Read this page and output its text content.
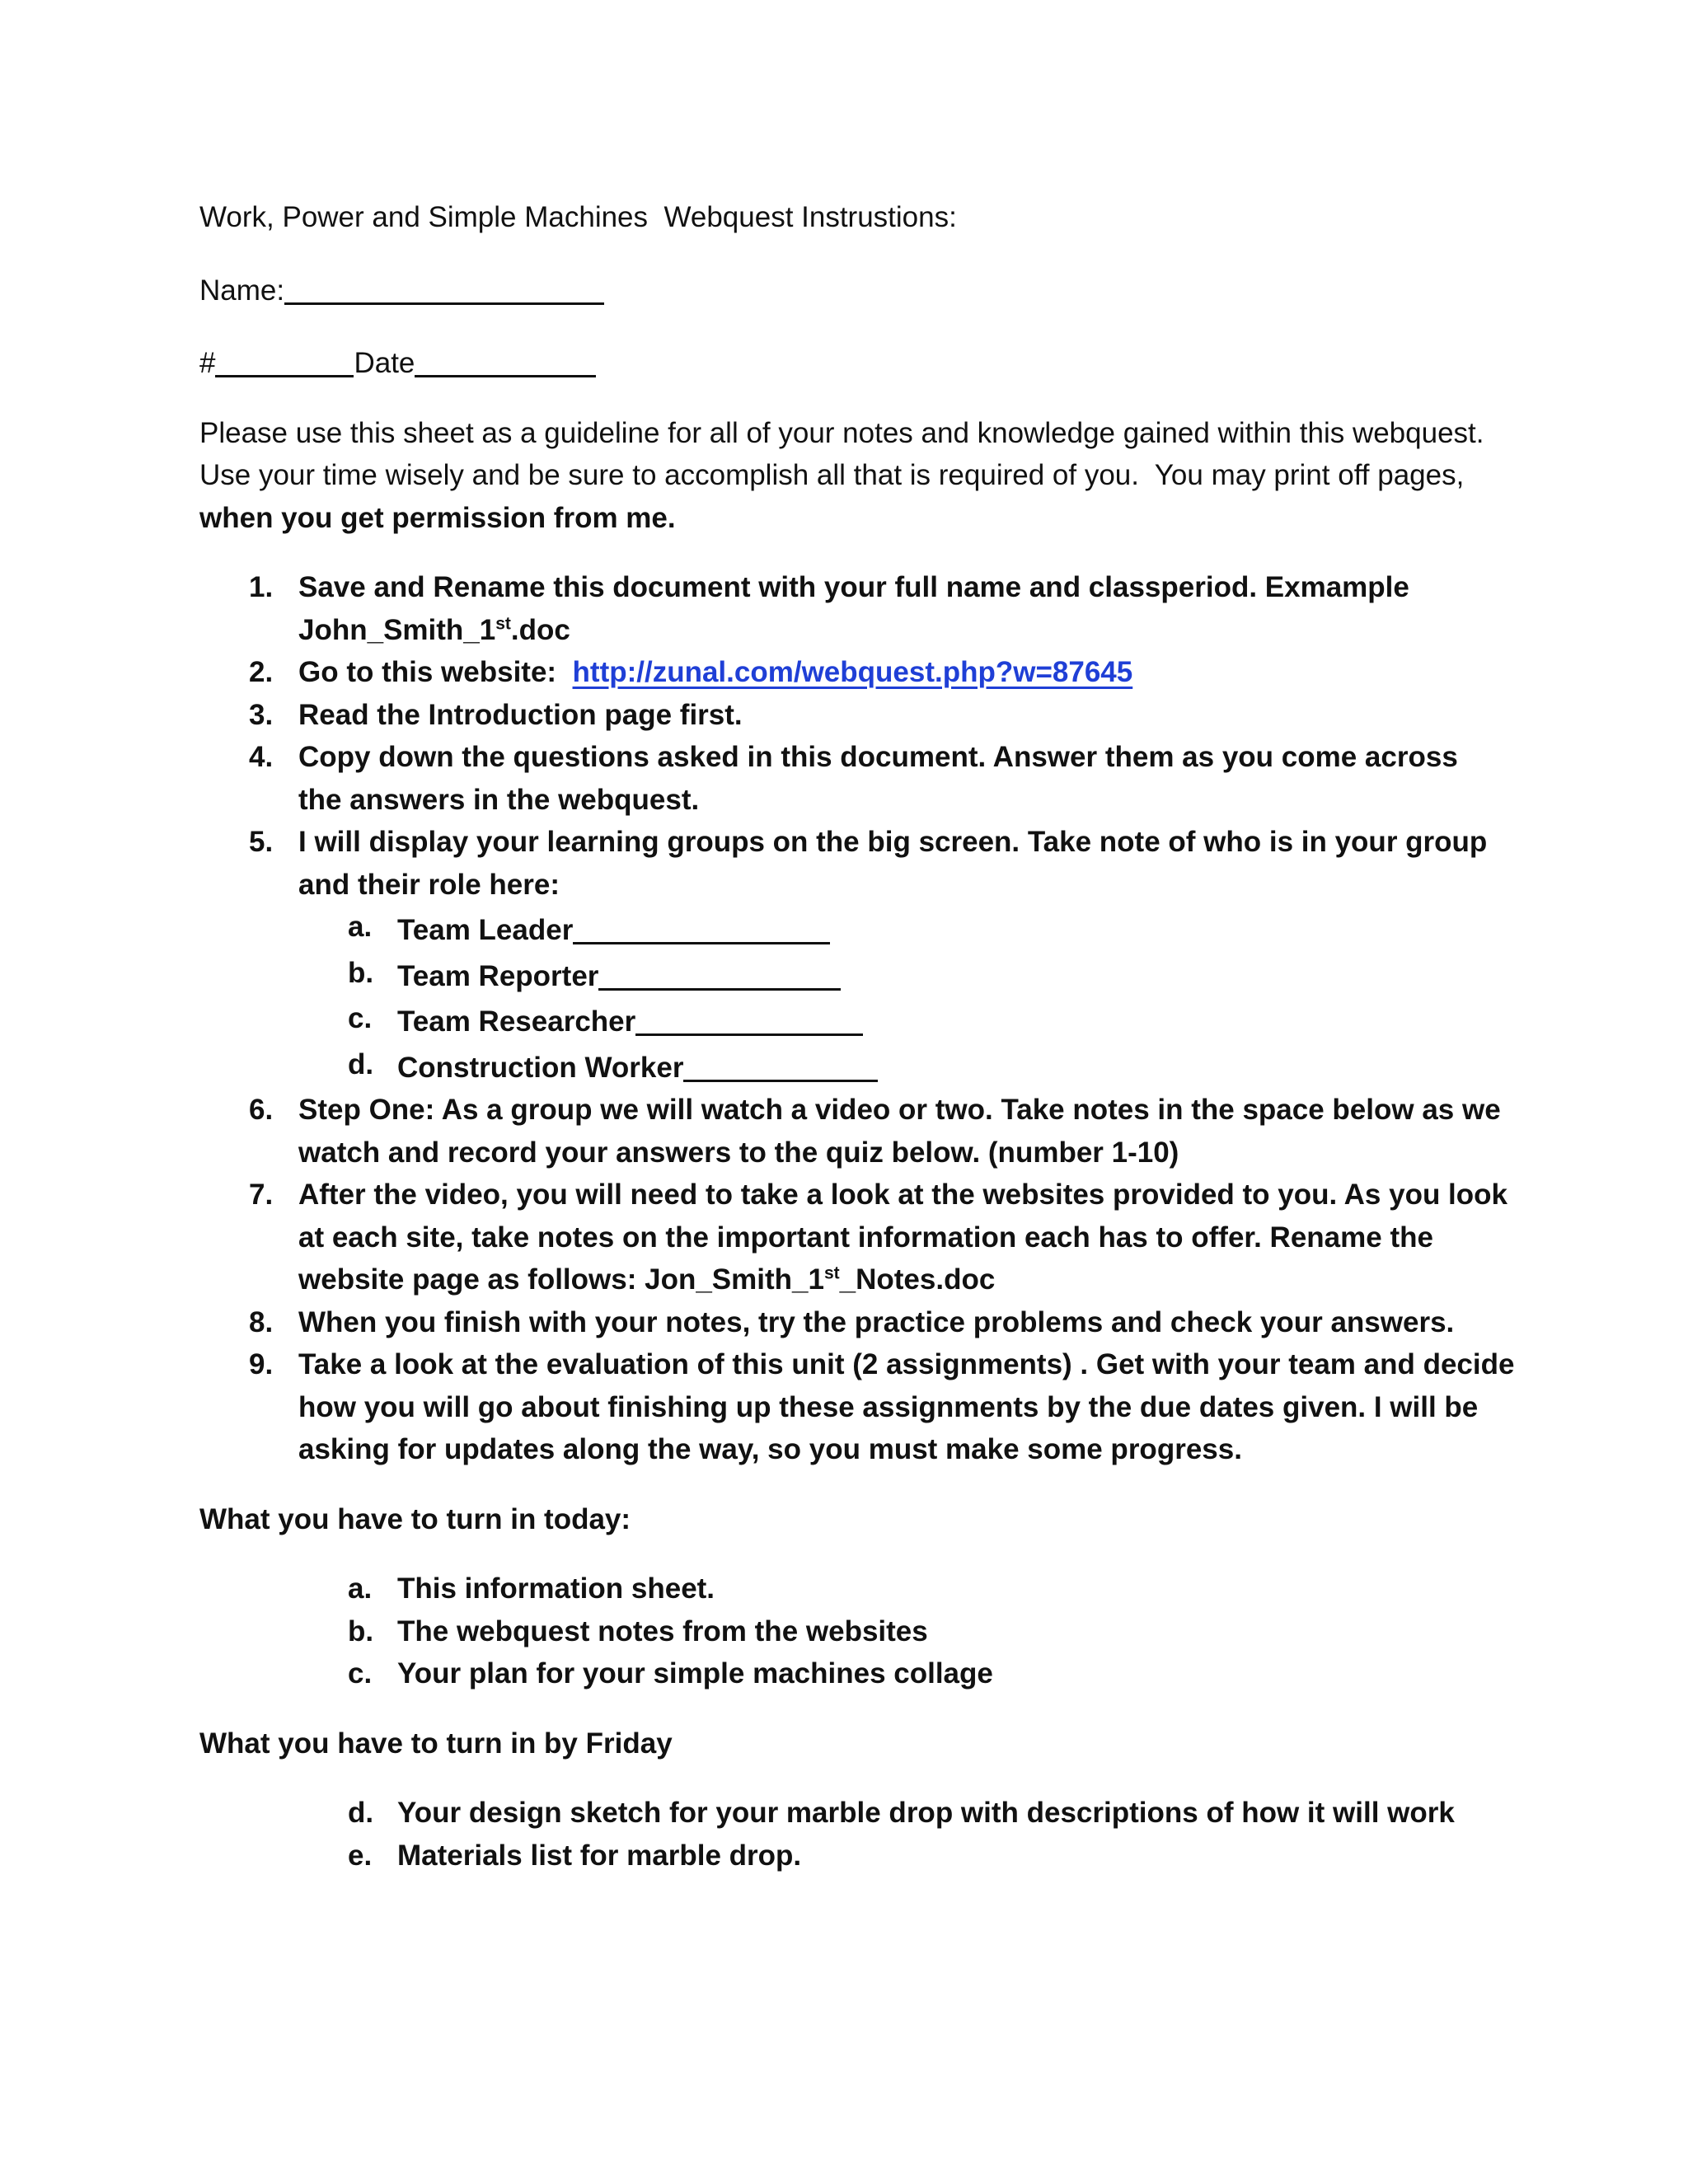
Work, Power and Simple Machines  Webquest Instrustions:
Name:
#	Date
Please use this sheet as a guideline for all of your notes and knowledge gained within this webquest.
Use your time wisely and be sure to accomplish all that is required of you.  You may print off pages,
when you get permission from me.
1. Save and Rename this document with your full name and classperiod. Exmample
John_Smith_1st.doc
2. Go to this website:  http://zunal.com/webquest.php?w=87645
3. Read the Introduction page first.
4. Copy down the questions asked in this document. Answer them as you come across the answers in the webquest.
5. I will display your learning groups on the big screen. Take note of who is in your group and their role here:
a. Team Leader
b. Team Reporter
c. Team Researcher
d. Construction Worker
6. Step One: As a group we will watch a video or two. Take notes in the space below as we watch and record your answers to the quiz below. (number 1-10)
7. After the video, you will need to take a look at the websites provided to you. As you look at each site, take notes on the important information each has to offer. Rename the website page as follows: Jon_Smith_1st_Notes.doc
8. When you finish with your notes, try the practice problems and check your answers.
9. Take a look at the evaluation of this unit (2 assignments) . Get with your team and decide how you will go about finishing up these assignments by the due dates given. I will be asking for updates along the way, so you must make some progress.
What you have to turn in today:
a. This information sheet.
b. The webquest notes from the websites
c. Your plan for your simple machines collage
What you have to turn in by Friday
d. Your design sketch for your marble drop with descriptions of how it will work
e. Materials list for marble drop.
